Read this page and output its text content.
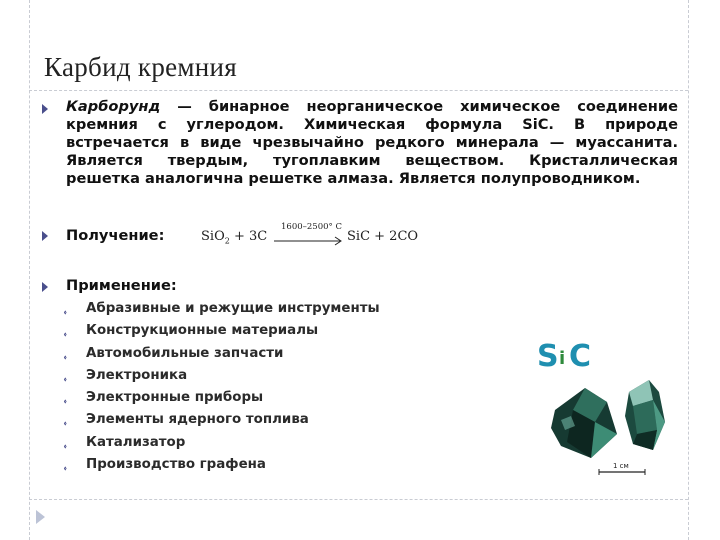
Карбид кремния

Карборунд — бинарное неорганическое химическое соединение кремния с углеродом. Химическая формула SiC. В природе встречается в виде чрезвычайно редкого минерала — муассанита. Является твердым, тугоплавким веществом. Кристаллическая решетка аналогична решетке алмаза. Является полупроводником.

Получение:	SiO$_2$ + 3C
1600–2500° C
SiC + 2CO
Применение:
⬫ Абразивные и режущие инструменты
⬫ Конструкционные материалы
⬫ Автомобильные запчасти
⬫ Электроника
⬫ Электронные приборы
⬫ Элементы ядерного топлива
⬫ Катализатор
⬫ Производство графена
S i C
1 см
